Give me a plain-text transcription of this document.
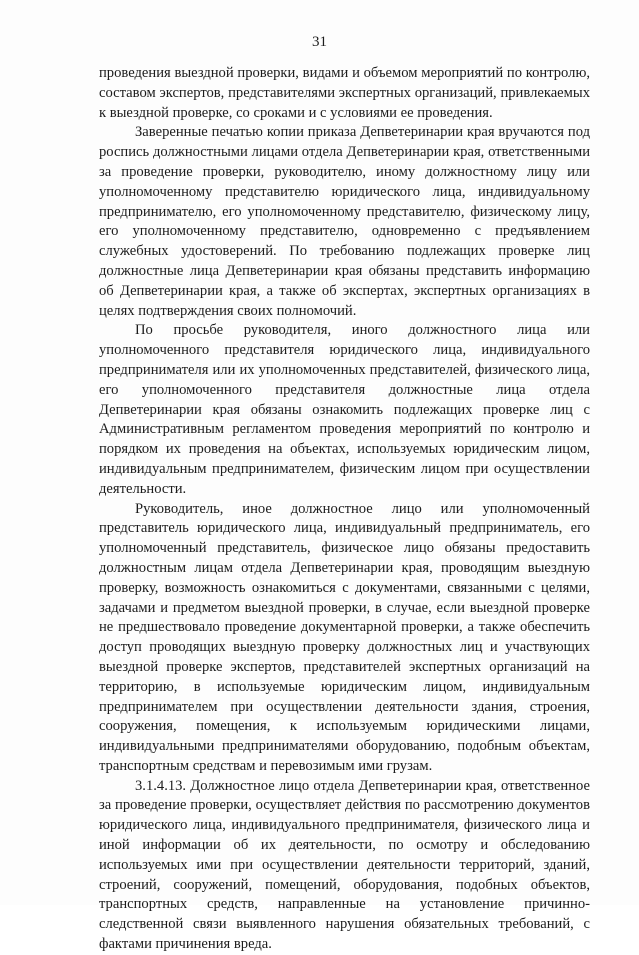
31

проведения выездной проверки, видами и объемом мероприятий по контролю, составом экспертов, представителями экспертных организаций, привлекаемых к выездной проверке, со сроками и с условиями ее проведения.

Заверенные печатью копии приказа Депветеринарии края вручаются под роспись должностными лицами отдела Депветеринарии края, ответственными за проведение проверки, руководителю, иному должностному лицу или уполномоченному представителю юридического лица, индивидуальному предпринимателю, его уполномоченному представителю, физическому лицу, его уполномоченному представителю, одновременно с предъявлением служебных удостоверений. По требованию подлежащих проверке лиц должностные лица Депветеринарии края обязаны представить информацию об Депветеринарии края, а также об экспертах, экспертных организациях в целях подтверждения своих полномочий.

По просьбе руководителя, иного должностного лица или уполномоченного представителя юридического лица, индивидуального предпринимателя или их уполномоченных представителей, физического лица, его уполномоченного представителя должностные лица отдела Депветеринарии края обязаны ознакомить подлежащих проверке лиц с Административным регламентом проведения мероприятий по контролю и порядком их проведения на объектах, используемых юридическим лицом, индивидуальным предпринимателем, физическим лицом при осуществлении деятельности.

Руководитель, иное должностное лицо или уполномоченный представитель юридического лица, индивидуальный предприниматель, его уполномоченный представитель, физическое лицо обязаны предоставить должностным лицам отдела Депветеринарии края, проводящим выездную проверку, возможность ознакомиться с документами, связанными с целями, задачами и предметом выездной проверки, в случае, если выездной проверке не предшествовало проведение документарной проверки, а также обеспечить доступ проводящих выездную проверку должностных лиц и участвующих выездной проверке экспертов, представителей экспертных организаций на территорию, в используемые юридическим лицом, индивидуальным предпринимателем при осуществлении деятельности здания, строения, сооружения, помещения, к используемым юридическими лицами, индивидуальными предпринимателями оборудованию, подобным объектам, транспортным средствам и перевозимым ими грузам.

3.1.4.13. Должностное лицо отдела Депветеринарии края, ответственное за проведение проверки, осуществляет действия по рассмотрению документов юридического лица, индивидуального предпринимателя, физического лица и иной информации об их деятельности, по осмотру и обследованию используемых ими при осуществлении деятельности территорий, зданий, строений, сооружений, помещений, оборудования, подобных объектов, транспортных средств, направленные на установление причинно-следственной связи выявленного нарушения обязательных требований, с фактами причинения вреда.
